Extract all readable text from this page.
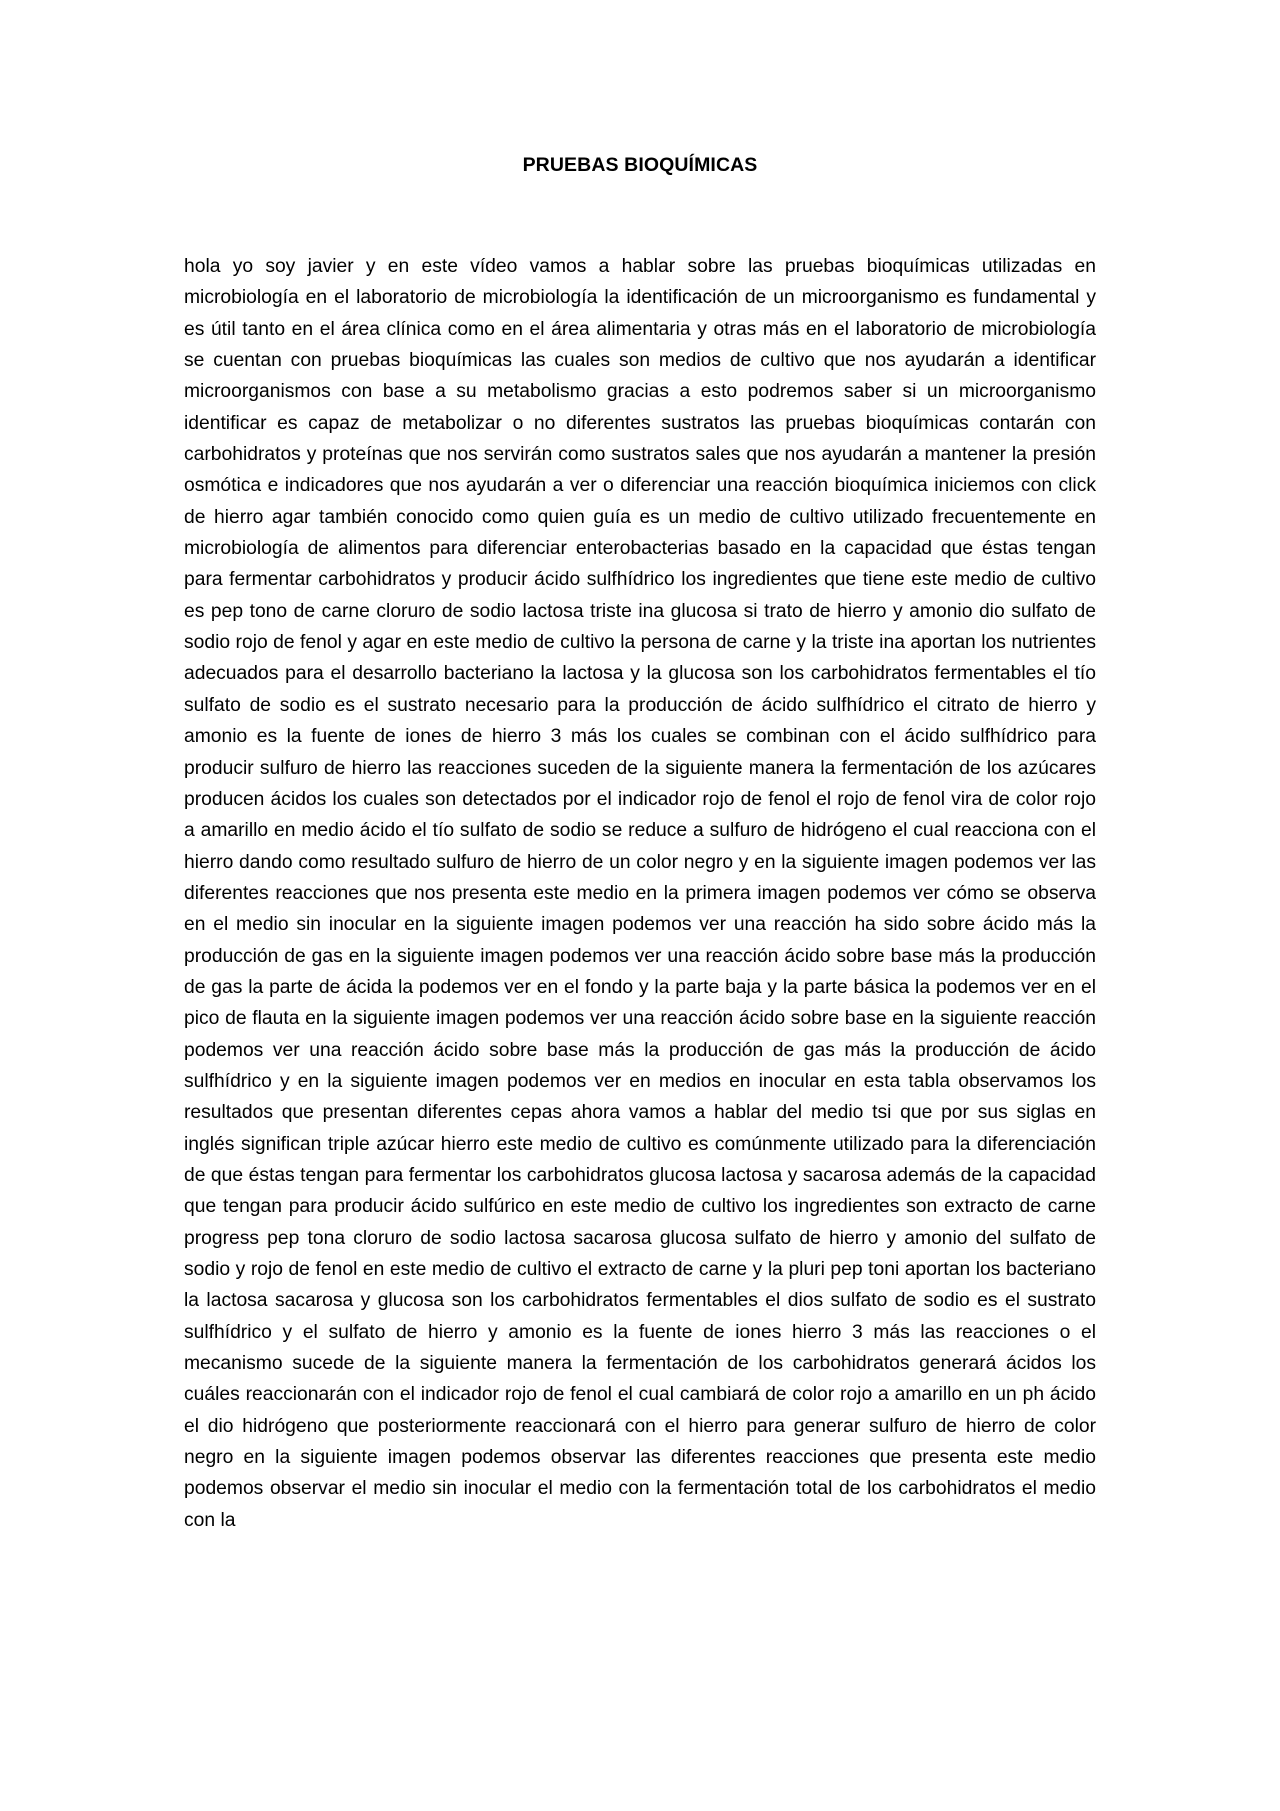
PRUEBAS BIOQUÍMICAS

hola yo soy javier y en este vídeo vamos a hablar sobre las pruebas bioquímicas utilizadas en microbiología en el laboratorio de microbiología la identificación de un microorganismo es fundamental y es útil tanto en el área clínica como en el área alimentaria y otras más en el laboratorio de microbiología se cuentan con pruebas bioquímicas las cuales son medios de cultivo que nos ayudarán a identificar microorganismos con base a su metabolismo gracias a esto podremos saber si un microorganismo identificar es capaz de metabolizar o no diferentes sustratos las pruebas bioquímicas contarán con carbohidratos y proteínas que nos servirán como sustratos sales que nos ayudarán a mantener la presión osmótica e indicadores que nos ayudarán a ver o diferenciar una reacción bioquímica iniciemos con click de hierro agar también conocido como quien guía es un medio de cultivo utilizado frecuentemente en microbiología de alimentos para diferenciar enterobacterias basado en la capacidad que éstas tengan para fermentar carbohidratos y producir ácido sulfhídrico los ingredientes que tiene este medio de cultivo es pep tono de carne cloruro de sodio lactosa triste ina glucosa si trato de hierro y amonio dio sulfato de sodio rojo de fenol y agar en este medio de cultivo la persona de carne y la triste ina aportan los nutrientes adecuados para el desarrollo bacteriano la lactosa y la glucosa son los carbohidratos fermentables el tío sulfato de sodio es el sustrato necesario para la producción de ácido sulfhídrico el citrato de hierro y amonio es la fuente de iones de hierro 3 más los cuales se combinan con el ácido sulfhídrico para producir sulfuro de hierro las reacciones suceden de la siguiente manera la fermentación de los azúcares producen ácidos los cuales son detectados por el indicador rojo de fenol el rojo de fenol vira de color rojo a amarillo en medio ácido el tío sulfato de sodio se reduce a sulfuro de hidrógeno el cual reacciona con el hierro dando como resultado sulfuro de hierro de un color negro y en la siguiente imagen podemos ver las diferentes reacciones que nos presenta este medio en la primera imagen podemos ver cómo se observa en el medio sin inocular en la siguiente imagen podemos ver una reacción ha sido sobre ácido más la producción de gas en la siguiente imagen podemos ver una reacción ácido sobre base más la producción de gas la parte de ácida la podemos ver en el fondo y la parte baja y la parte básica la podemos ver en el pico de flauta en la siguiente imagen podemos ver una reacción ácido sobre base en la siguiente reacción podemos ver una reacción ácido sobre base más la producción de gas más la producción de ácido sulfhídrico y en la siguiente imagen podemos ver en medios en inocular en esta tabla observamos los resultados que presentan diferentes cepas ahora vamos a hablar del medio tsi que por sus siglas en inglés significan triple azúcar hierro este medio de cultivo es comúnmente utilizado para la diferenciación de que éstas tengan para fermentar los carbohidratos glucosa lactosa y sacarosa además de la capacidad que tengan para producir ácido sulfúrico en este medio de cultivo los ingredientes son extracto de carne progress pep tona cloruro de sodio lactosa sacarosa glucosa sulfato de hierro y amonio del sulfato de sodio y rojo de fenol en este medio de cultivo el extracto de carne y la pluri pep toni aportan los bacteriano la lactosa sacarosa y glucosa son los carbohidratos fermentables el dios sulfato de sodio es el sustrato sulfhídrico y el sulfato de hierro y amonio es la fuente de iones hierro 3 más las reacciones o el mecanismo sucede de la siguiente manera la fermentación de los carbohidratos generará ácidos los cuáles reaccionarán con el indicador rojo de fenol el cual cambiará de color rojo a amarillo en un ph ácido el dio hidrógeno que posteriormente reaccionará con el hierro para generar sulfuro de hierro de color negro en la siguiente imagen podemos observar las diferentes reacciones que presenta este medio podemos observar el medio sin inocular el medio con la fermentación total de los carbohidratos el medio con la
